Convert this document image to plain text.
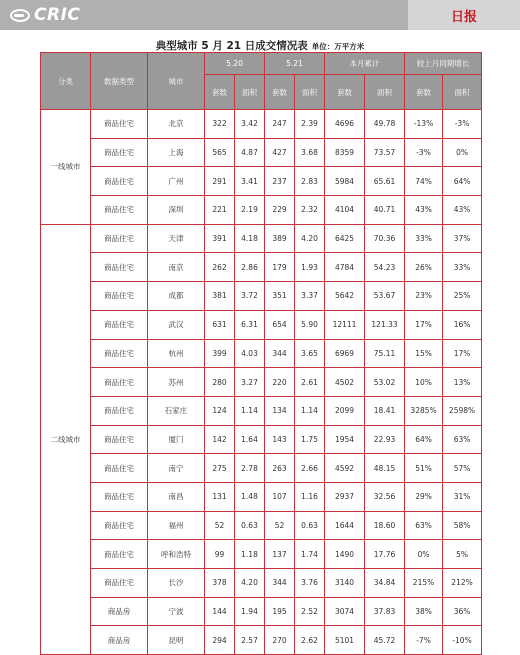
CRIC	日报
典型城市 5 月 21 日成交情况表 单位：万平方米
分类	数据类型	城市	5.20		5.21		本月累计		较上月同期增长	
			套数	面积	套数	面积	套数	面积	套数	面积
一线城市	商品住宅	北京	322	3.42	247	2.39	4696	49.78	-13%	-3%
	商品住宅	上海	565	4.87	427	3.68	8359	73.57	-3%	0%
	商品住宅	广州	291	3.41	237	2.83	5984	65.61	74%	64%
	商品住宅	深圳	221	2.19	229	2.32	4104	40.71	43%	43%
二线城市	商品住宅	天津	391	4.18	389	4.20	6425	70.36	33%	37%
	商品住宅	南京	262	2.86	179	1.93	4784	54.23	26%	33%
	商品住宅	成都	381	3.72	351	3.37	5642	53.67	23%	25%
	商品住宅	武汉	631	6.31	654	5.90	12111	121.33	17%	16%
	商品住宅	杭州	399	4.03	344	3.65	6969	75.11	15%	17%
	商品住宅	苏州	280	3.27	220	2.61	4502	53.02	10%	13%
	商品住宅	石家庄	124	1.14	134	1.14	2099	18.41	3285%	2598%
	商品住宅	厦门	142	1.64	143	1.75	1954	22.93	64%	63%
	商品住宅	南宁	275	2.78	263	2.66	4592	48.15	51%	57%
	商品住宅	南昌	131	1.48	107	1.16	2937	32.56	29%	31%
	商品住宅	福州	52	0.63	52	0.63	1644	18.60	63%	58%
	商品住宅	呼和浩特	99	1.18	137	1.74	1490	17.76	0%	5%
	商品住宅	长沙	378	4.20	344	3.76	3140	34.84	215%	212%
	商品房	宁波	144	1.94	195	2.52	3074	37.83	38%	36%
	商品房	昆明	294	2.57	270	2.62	5101	45.72	-7%	-10%
